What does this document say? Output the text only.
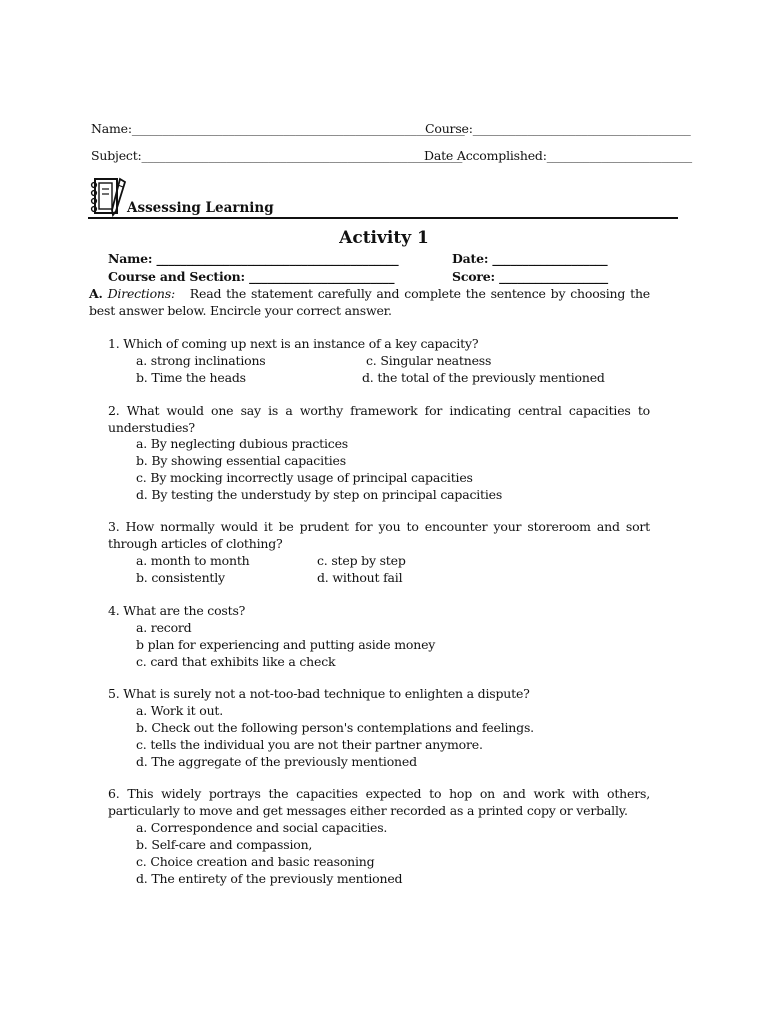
Name:_______________________________________________________
Course:____________________________________
Subject:_____________________________________________________
Date Accomplished:________________________
Assessing Learning
Activity 1
Name: ________________________________________	Date: ___________________
Course and Section: ________________________	Score: __________________
A. Directions: Read the statement carefully and complete the sentence by choosing the best answer below. Encircle your correct answer.
1. Which of coming up next is an instance of a key capacity?
a. strong inclinations	c. Singular neatness
b. Time the heads	d. the total of the previously mentioned
2. What would one say is a worthy framework for indicating central capacities to understudies?
a. By neglecting dubious practices
b. By showing essential capacities
c. By mocking incorrectly usage of principal capacities
d. By testing the understudy by step on principal capacities
3. How normally would it be prudent for you to encounter your storeroom and sort through articles of clothing?
a. month to month	c. step by step
b. consistently	d. without fail
4. What are the costs?
a. record
b plan for experiencing and putting aside money
c. card that exhibits like a check
5. What is surely not a not-too-bad technique to enlighten a dispute?
a. Work it out.
b. Check out the following person's contemplations and feelings.
c. tells the individual you are not their partner anymore.
d. The aggregate of the previously mentioned
6. This widely portrays the capacities expected to hop on and work with others, particularly to move and get messages either recorded as a printed copy or verbally.
a. Correspondence and social capacities.
b. Self-care and compassion,
c. Choice creation and basic reasoning
d. The entirety of the previously mentioned
